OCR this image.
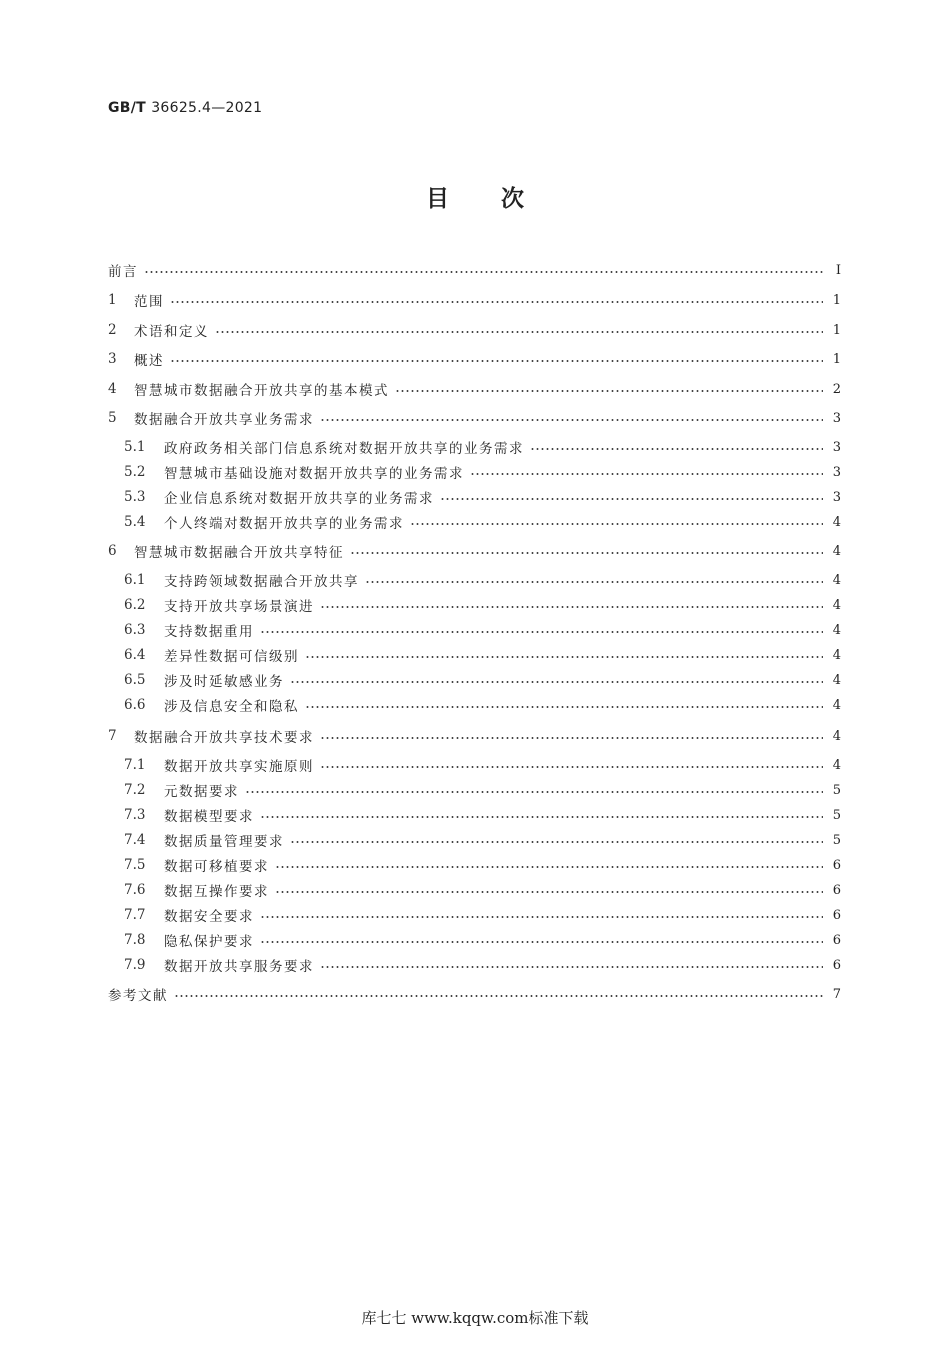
GB/T 36625.4—2021
目 次
前言	Ⅰ
1	范围	1
2	术语和定义	1
3	概述	1
4	智慧城市数据融合开放共享的基本模式	2
5	数据融合开放共享业务需求	3
5.1	政府政务相关部门信息系统对数据开放共享的业务需求	3
5.2	智慧城市基础设施对数据开放共享的业务需求	3
5.3	企业信息系统对数据开放共享的业务需求	3
5.4	个人终端对数据开放共享的业务需求	4
6	智慧城市数据融合开放共享特征	4
6.1	支持跨领域数据融合开放共享	4
6.2	支持开放共享场景演进	4
6.3	支持数据重用	4
6.4	差异性数据可信级别	4
6.5	涉及时延敏感业务	4
6.6	涉及信息安全和隐私	4
7	数据融合开放共享技术要求	4
7.1	数据开放共享实施原则	4
7.2	元数据要求	5
7.3	数据模型要求	5
7.4	数据质量管理要求	5
7.5	数据可移植要求	6
7.6	数据互操作要求	6
7.7	数据安全要求	6
7.8	隐私保护要求	6
7.9	数据开放共享服务要求	6
参考文献	7
库七七 www.kqqw.com标准下载
